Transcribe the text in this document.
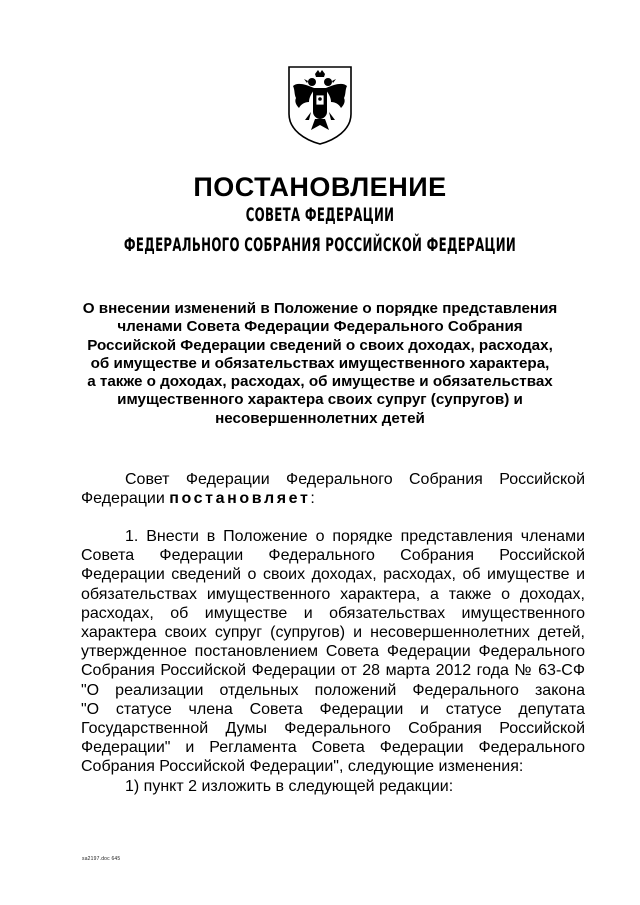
ПОСТАНОВЛЕНИЕ
СОВЕТА ФЕДЕРАЦИИ
ФЕДЕРАЛЬНОГО СОБРАНИЯ РОССИЙСКОЙ ФЕДЕРАЦИИ
О внесении изменений в Положение о порядке представления
членами Совета Федерации Федерального Собрания
Российской Федерации сведений о своих доходах, расходах,
об имуществе и обязательствах имущественного характера,
а также о доходах, расходах, об имуществе и обязательствах
имущественного характера своих супруг (супругов) и
несовершеннолетних детей
Совет Федерации Федерального Собрания Российской
Федерации постановляет:
1. Внести в Положение о порядке представления членами
Совета Федерации Федерального Собрания Российской
Федерации сведений о своих доходах, расходах, об имуществе и
обязательствах имущественного характера, а также о доходах,
расходах, об имуществе и обязательствах имущественного
характера своих супруг (супругов) и несовершеннолетних детей,
утвержденное постановлением Совета Федерации Федерального
Собрания Российской Федерации от 28 марта 2012 года № 63-СФ
"О реализации отдельных положений Федерального закона
"О статусе члена Совета Федерации и статусе депутата
Государственной Думы Федерального Собрания Российской
Федерации" и Регламента Совета Федерации Федерального
Собрания Российской Федерации", следующие изменения:
1) пункт 2 изложить в следующей редакции:
sa2197.doc 645
